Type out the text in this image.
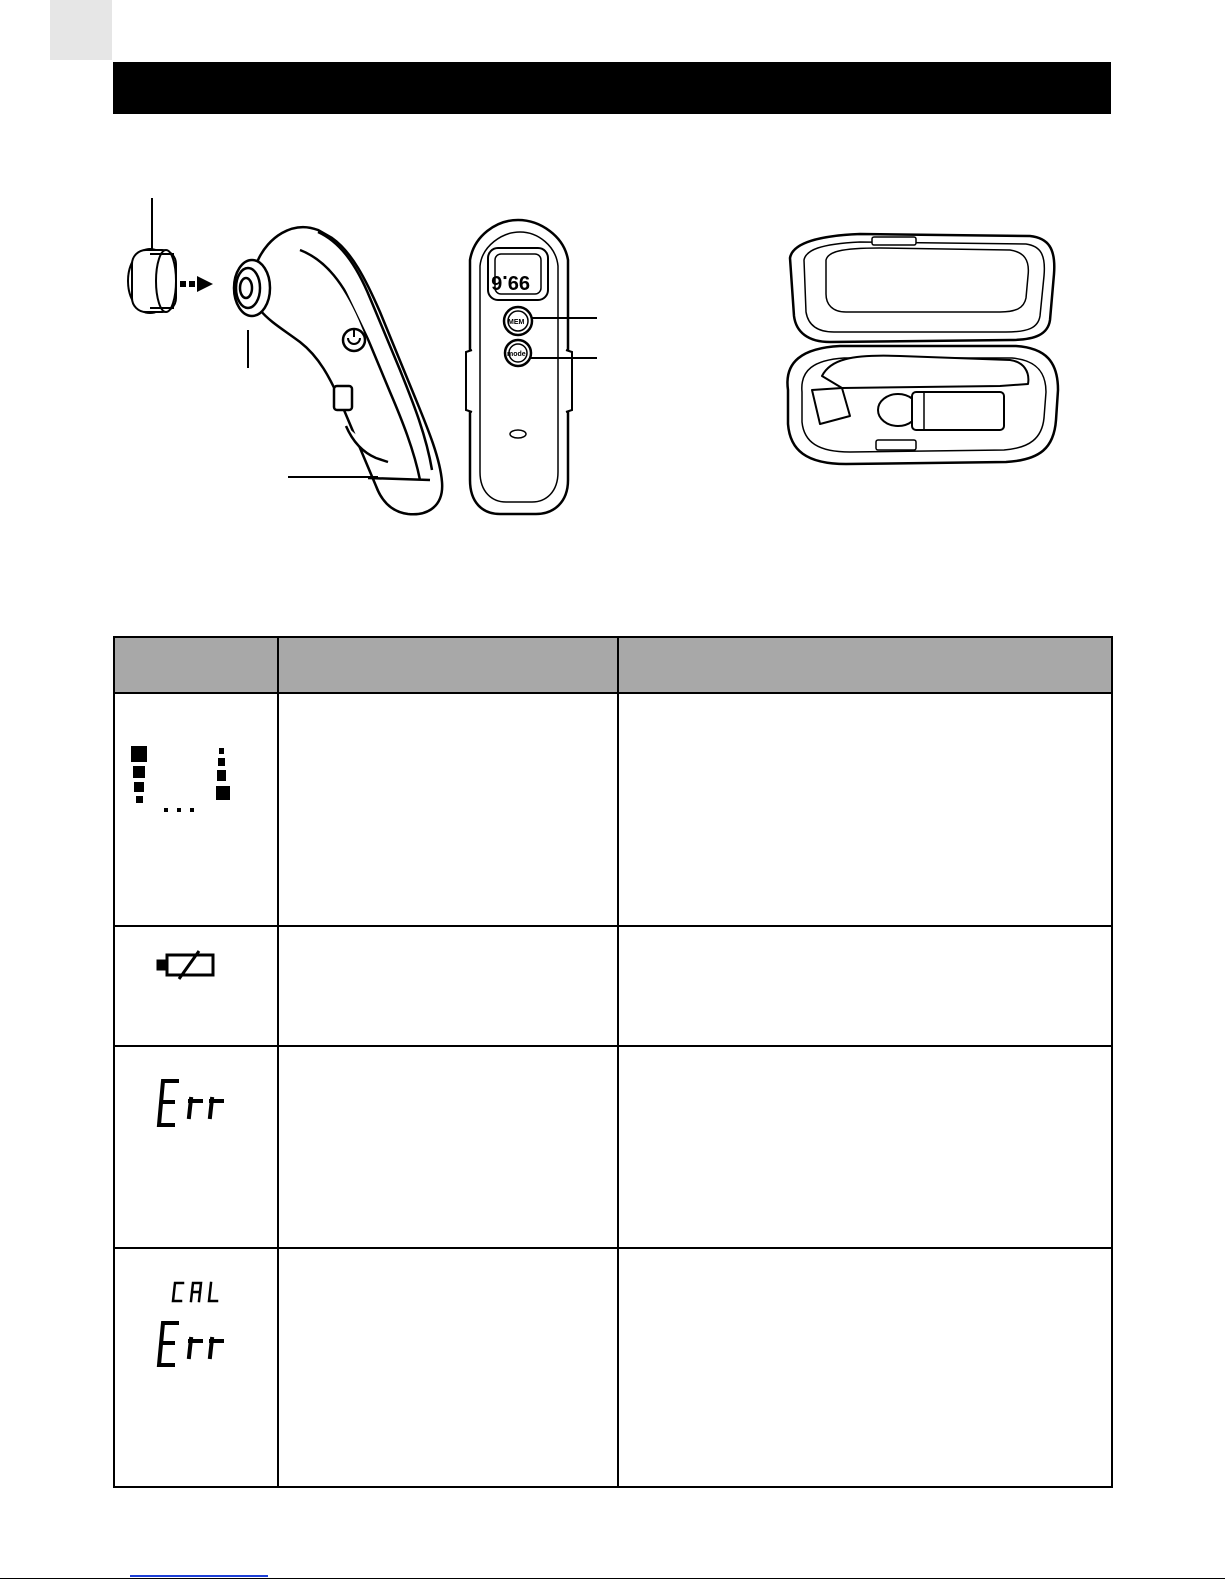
99.6
MEM
mode
